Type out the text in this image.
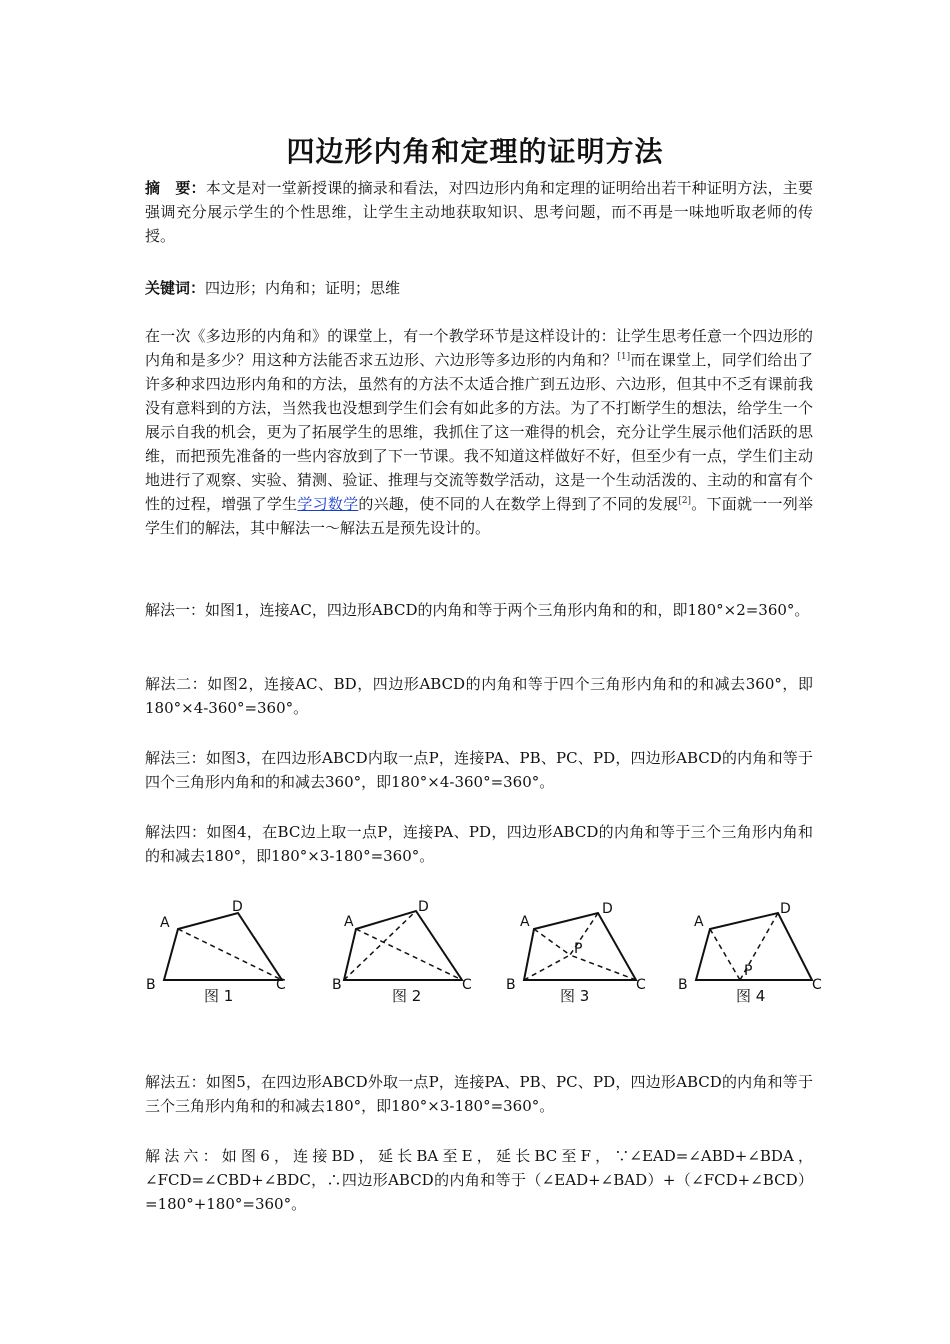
四边形内角和定理的证明方法

摘　要：本文是对一堂新授课的摘录和看法，对四边形内角和定理的证明给出若干种证明方法，主要强调充分展示学生的个性思维，让学生主动地获取知识、思考问题，而不再是一味地听取老师的传授。

关键词：四边形；内角和；证明；思维

在一次《多边形的内角和》的课堂上，有一个教学环节是这样设计的：让学生思考任意一个四边形的内角和是多少？用这种方法能否求五边形、六边形等多边形的内角和？[1]而在课堂上，同学们给出了许多种求四边形内角和的方法，虽然有的方法不太适合推广到五边形、六边形，但其中不乏有课前我没有意料到的方法，当然我也没想到学生们会有如此多的方法。为了不打断学生的想法，给学生一个展示自我的机会，更为了拓展学生的思维，我抓住了这一难得的机会，充分让学生展示他们活跃的思维，而把预先准备的一些内容放到了下一节课。我不知道这样做好不好，但至少有一点，学生们主动地进行了观察、实验、猜测、验证、推理与交流等数学活动，这是一个生动活泼的、主动的和富有个性的过程，增强了学生学习数学的兴趣，使不同的人在数学上得到了不同的发展[2]。下面就一一列举学生们的解法，其中解法一～解法五是预先设计的。

解法一：如图1，连接AC，四边形ABCD的内角和等于两个三角形内角和的和，即180°×2=360°。

解法二：如图2，连接AC、BD，四边形ABCD的内角和等于四个三角形内角和的和减去360°，即180°×4-360°=360°。

解法三：如图3，在四边形ABCD内取一点P，连接PA、PB、PC、PD，四边形ABCD的内角和等于四个三角形内角和的和减去360°，即180°×4-360°=360°。

解法四：如图4，在BC边上取一点P，连接PA、PD，四边形ABCD的内角和等于三个三角形内角和的和减去180°，即180°×3-180°=360°。

A
D
B	C
图 1
A
D
B	C
图 2
A
D
B	C
P
图 3
A
D
B	C
P
图 4

解法五：如图5，在四边形ABCD外取一点P，连接PA、PB、PC、PD，四边形ABCD的内角和等于三个三角形内角和的和减去180°，即180°×3-180°=360°。

解法六：如图6，连接BD，延长BA至E，延长BC至F，∵∠EAD=∠ABD+∠BDA，∠FCD=∠CBD+∠BDC，∴四边形ABCD的内角和等于（∠EAD+∠BAD）+（∠FCD+∠BCD）=180°+180°=360°。
